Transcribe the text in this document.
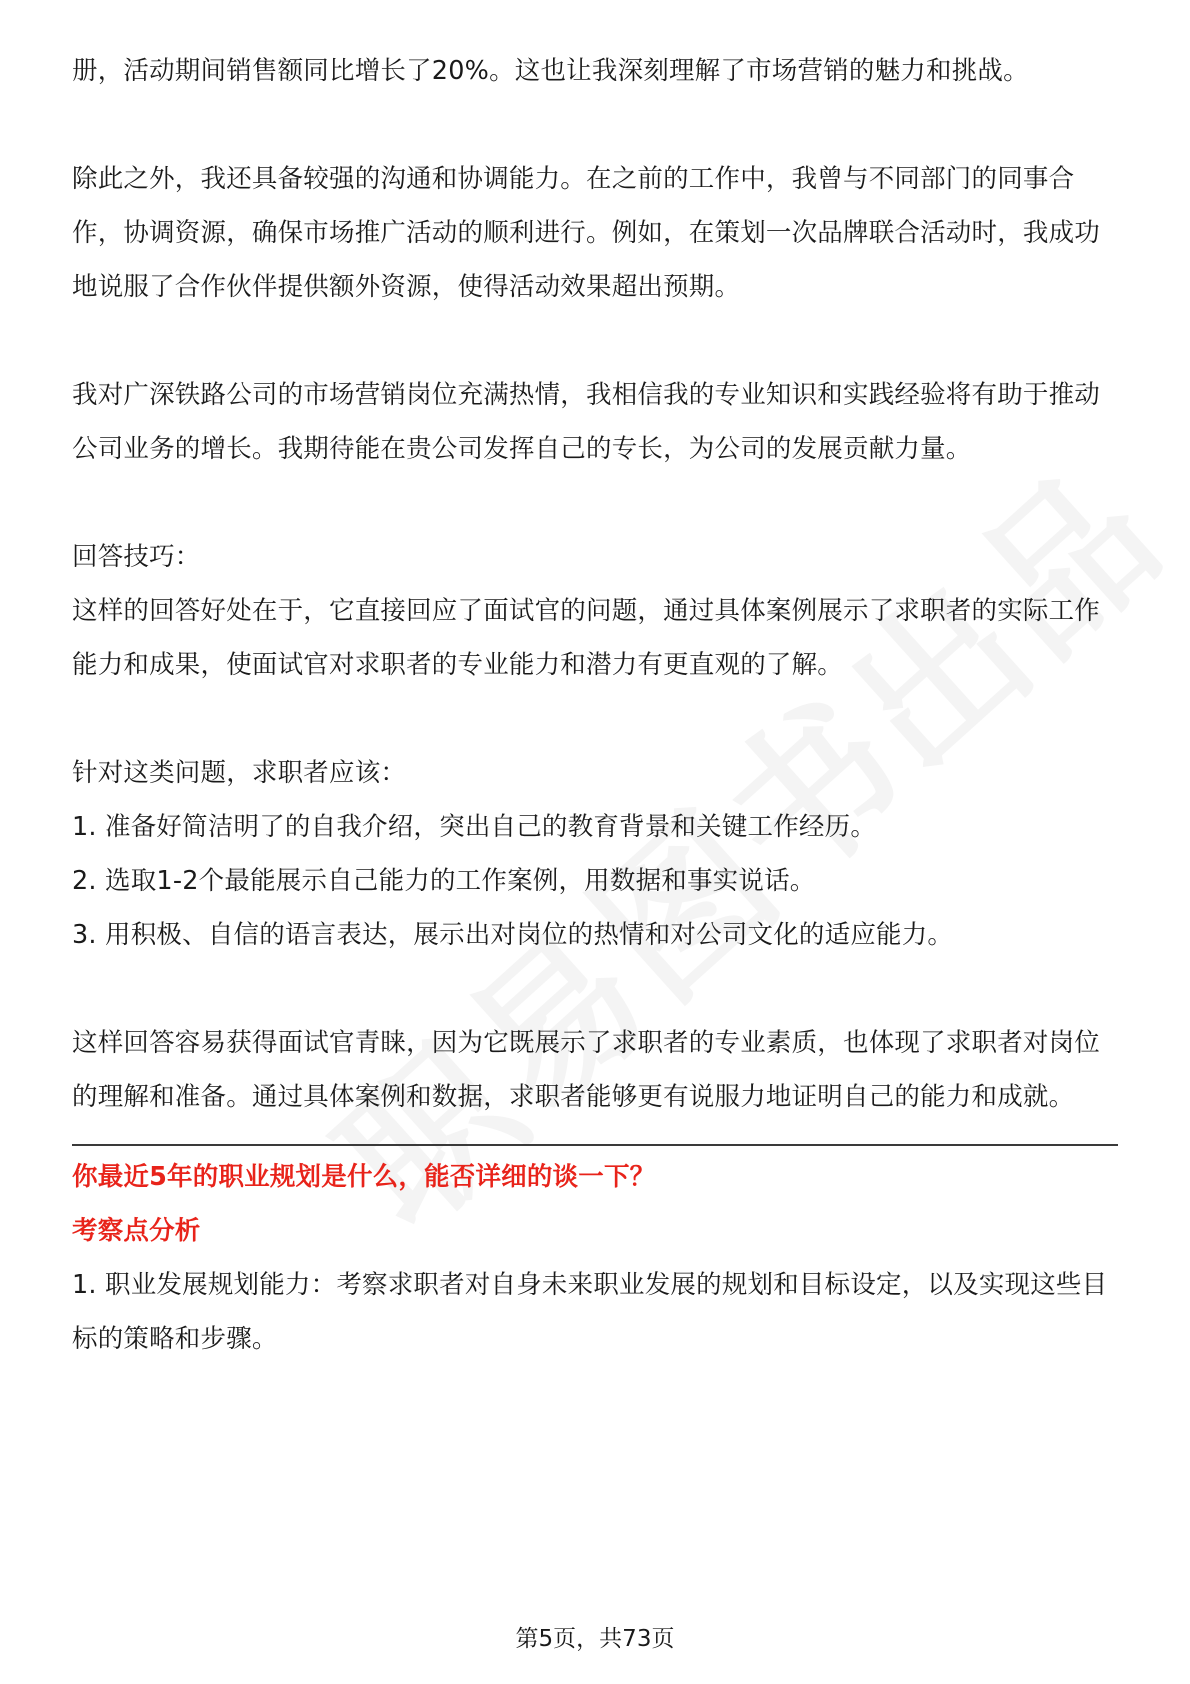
册，活动期间销售额同比增长了20%。这也让我深刻理解了市场营销的魅力和挑战。

除此之外，我还具备较强的沟通和协调能力。在之前的工作中，我曾与不同部门的同事合作，协调资源，确保市场推广活动的顺利进行。例如，在策划一次品牌联合活动时，我成功地说服了合作伙伴提供额外资源，使得活动效果超出预期。

我对广深铁路公司的市场营销岗位充满热情，我相信我的专业知识和实践经验将有助于推动公司业务的增长。我期待能在贵公司发挥自己的专长，为公司的发展贡献力量。

回答技巧：

这样的回答好处在于，它直接回应了面试官的问题，通过具体案例展示了求职者的实际工作能力和成果，使面试官对求职者的专业能力和潜力有更直观的了解。

针对这类问题，求职者应该：

1. 准备好简洁明了的自我介绍，突出自己的教育背景和关键工作经历。

2. 选取1-2个最能展示自己能力的工作案例，用数据和事实说话。

3. 用积极、自信的语言表达，展示出对岗位的热情和对公司文化的适应能力。

这样回答容易获得面试官青睐，因为它既展示了求职者的专业素质，也体现了求职者对岗位的理解和准备。通过具体案例和数据，求职者能够更有说服力地证明自己的能力和成就。

你最近5年的职业规划是什么，能否详细的谈一下？

考察点分析

1. 职业发展规划能力：考察求职者对自身未来职业发展的规划和目标设定，以及实现这些目标的策略和步骤。

第5页，共73页
